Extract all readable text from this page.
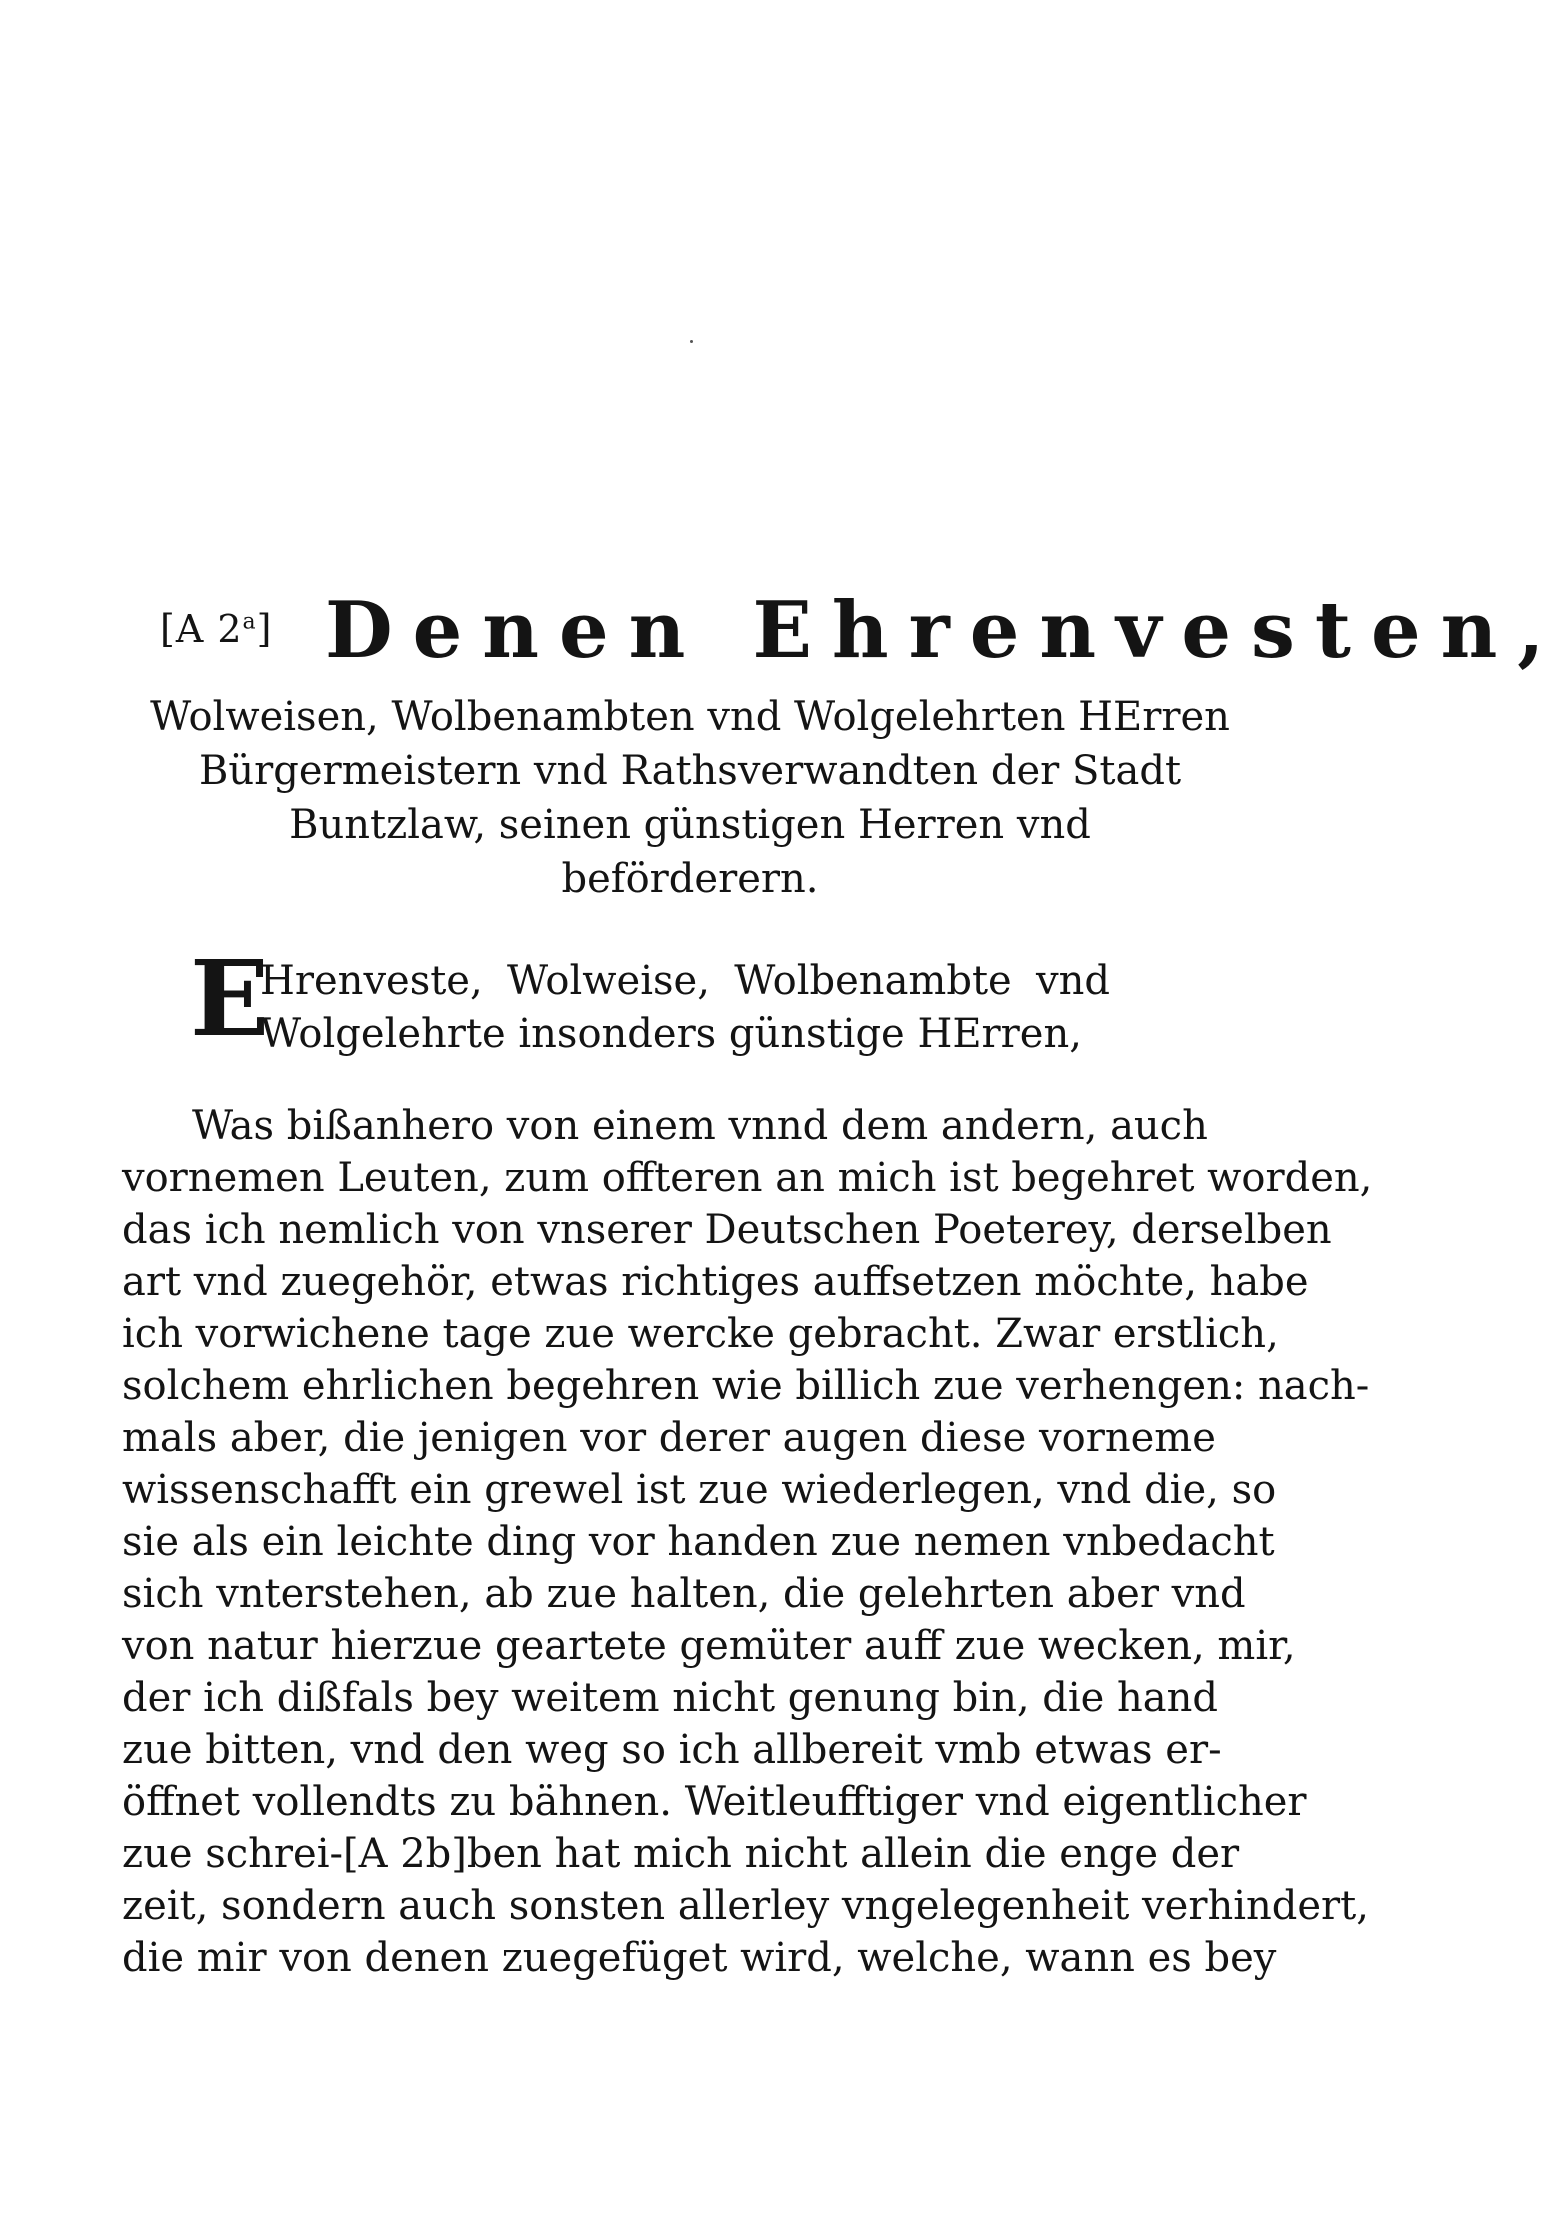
[A 2$^a$] Denen Ehrenvesten,
Wolweisen, Wolbenambten vnd Wolgelehrten HErren
Bürgermeistern vnd Rathsverwandten der Stadt
Buntzlaw, seinen günstigen Herren vnd
beförderern.
E
Hrenveste, Wolweise, Wolbenambte vnd Wolgelehrte insonders günstige HErren,
Was bißanhero von einem vnnd dem andern, auch
vornemen Leuten, zum offteren an mich ist begehret worden,
das ich nemlich von vnserer Deutschen Poeterey, derselben
art vnd zuegehör, etwas richtiges auffsetzen möchte, habe
ich vorwichene tage zue wercke gebracht. Zwar erstlich,
solchem ehrlichen begehren wie billich zue verhengen: nach-
mals aber, die jenigen vor derer augen diese vorneme
wissenschafft ein grewel ist zue wiederlegen, vnd die, so
sie als ein leichte ding vor handen zue nemen vnbedacht
sich vnterstehen, ab zue halten, die gelehrten aber vnd
von natur hierzue geartete gemüter auff zue wecken, mir,
der ich dißfals bey weitem nicht genung bin, die hand
zue bitten, vnd den weg so ich allbereit vmb etwas er-
öffnet vollendts zu bähnen. Weitleufftiger vnd eigentlicher
zue schrei-[A 2b]ben hat mich nicht allein die enge der
zeit, sondern auch sonsten allerley vngelegenheit verhindert,
die mir von denen zuegefüget wird, welche, wann es bey
